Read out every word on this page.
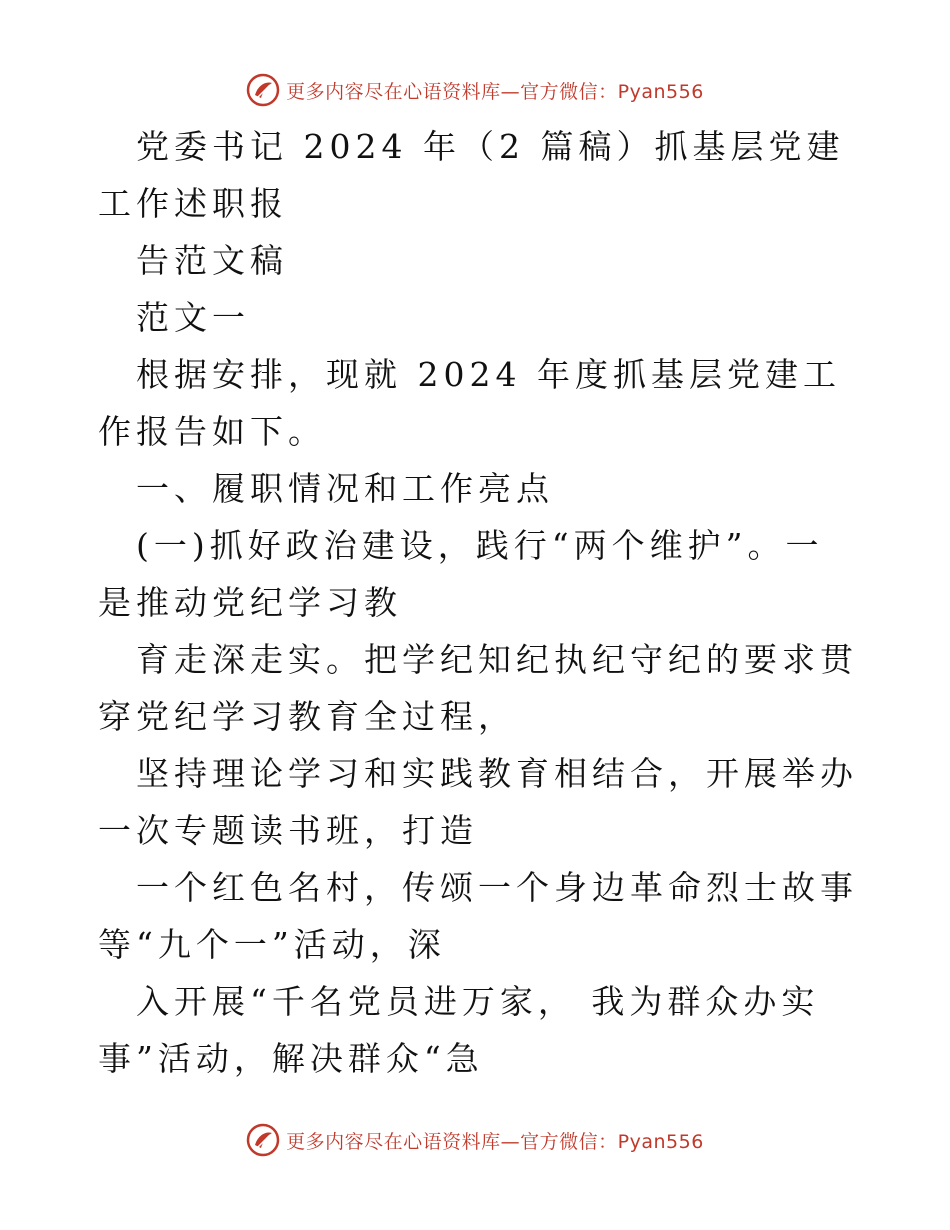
更多内容尽在心语资料库—官方微信：Pyan556

党委书记 2024 年（2 篇稿）抓基层党建工作述职报

告范文稿

范文一

根据安排，现就 2024 年度抓基层党建工作报告如下。

一、履职情况和工作亮点

(一)抓好政治建设，践行“两个维护”。一是推动党纪学习教

育走深走实。把学纪知纪执纪守纪的要求贯穿党纪学习教育全过程，

坚持理论学习和实践教育相结合，开展举办一次专题读书班，打造

一个红色名村，传颂一个身边革命烈士故事等“九个一”活动，深

入开展“千名党员进万家， 我为群众办实事”活动，解决群众“急

更多内容尽在心语资料库—官方微信：Pyan556
